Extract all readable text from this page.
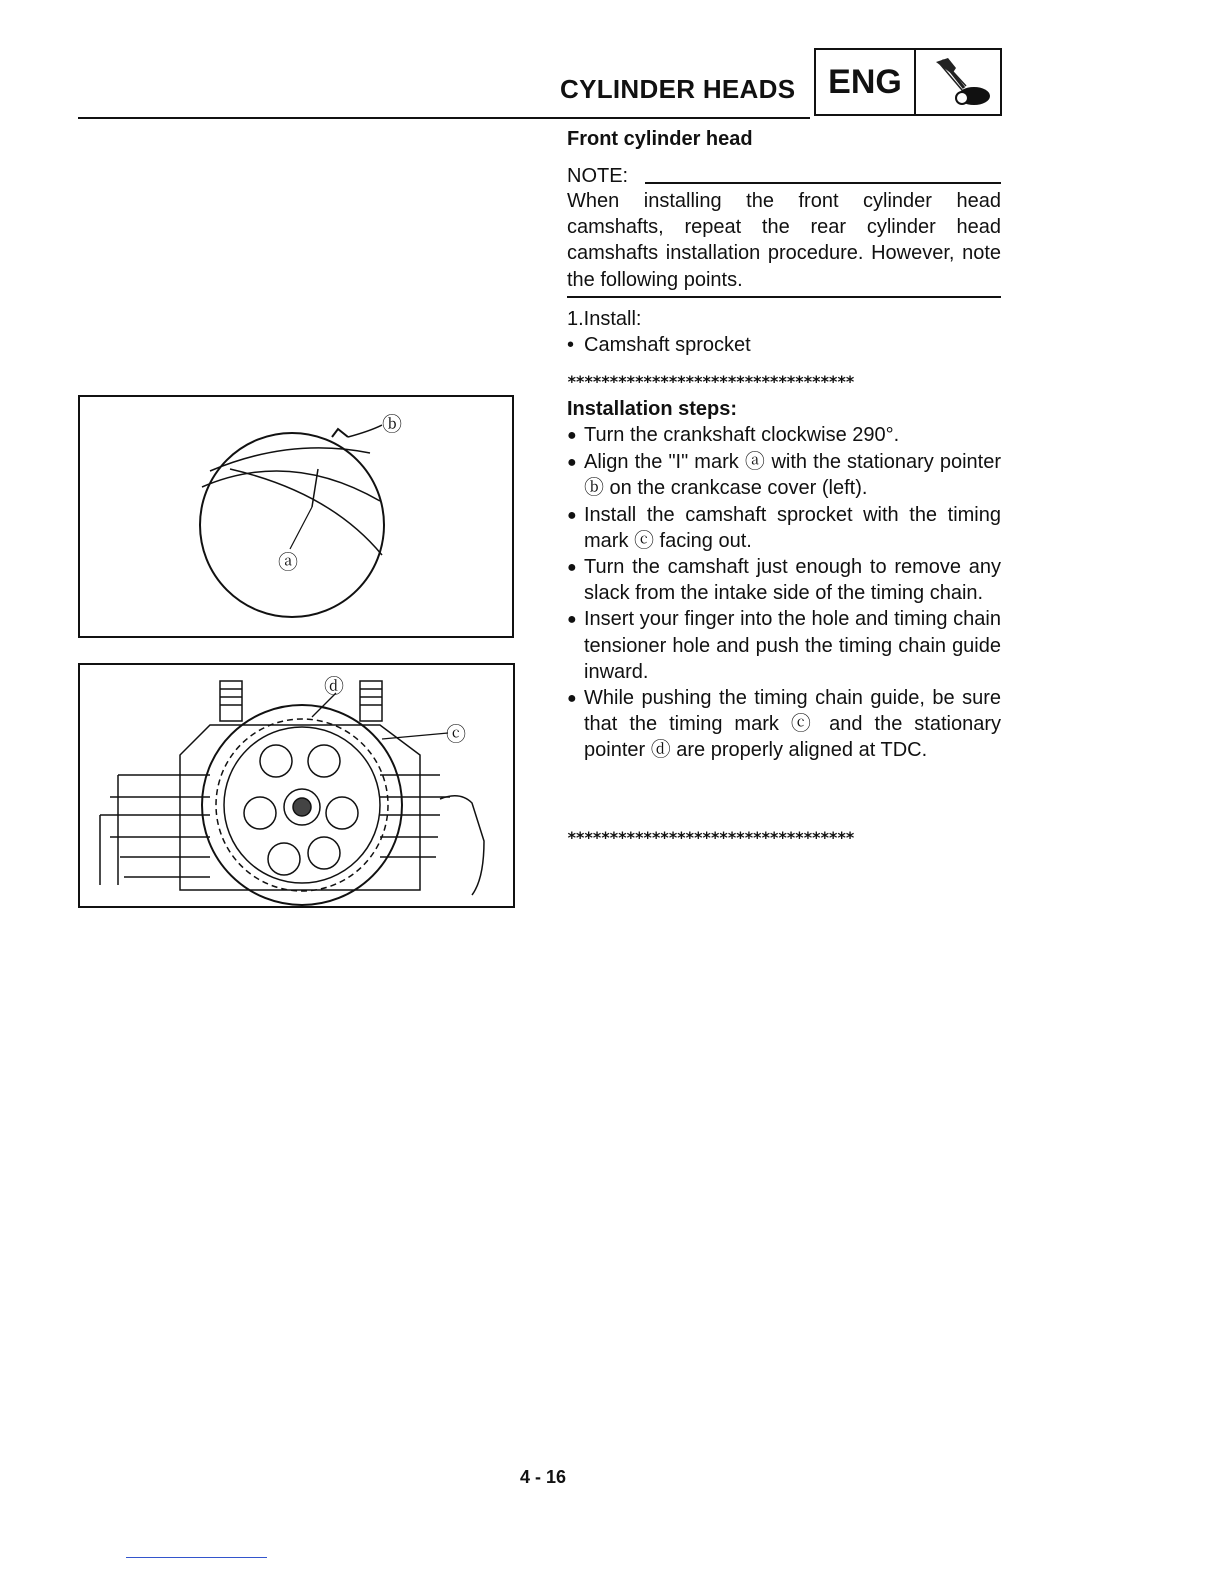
CYLINDER HEADS ENG
Front cylinder head
NOTE:
When installing the front cylinder head camshafts, repeat the rear cylinder head camshafts installation procedure. However, note the following points.
1.Install:
• Camshaft sprocket
**********************************
Installation steps:
● Turn the crankshaft clockwise 290°.
● Align the "I" mark ⓐ with the stationary pointer ⓑ on the crankcase cover (left).
● Install the camshaft sprocket with the timing mark ⓒ facing out.
● Turn the camshaft just enough to remove any slack from the intake side of the timing chain.
● Insert your finger into the hole and timing chain tensioner hole and push the timing chain guide inward.
● While pushing the timing chain guide, be sure that the timing mark ⓒ and the stationary pointer ⓓ are properly aligned at TDC.
**********************************
ⓑ
ⓐ
ⓓ
ⓒ
4 - 16
